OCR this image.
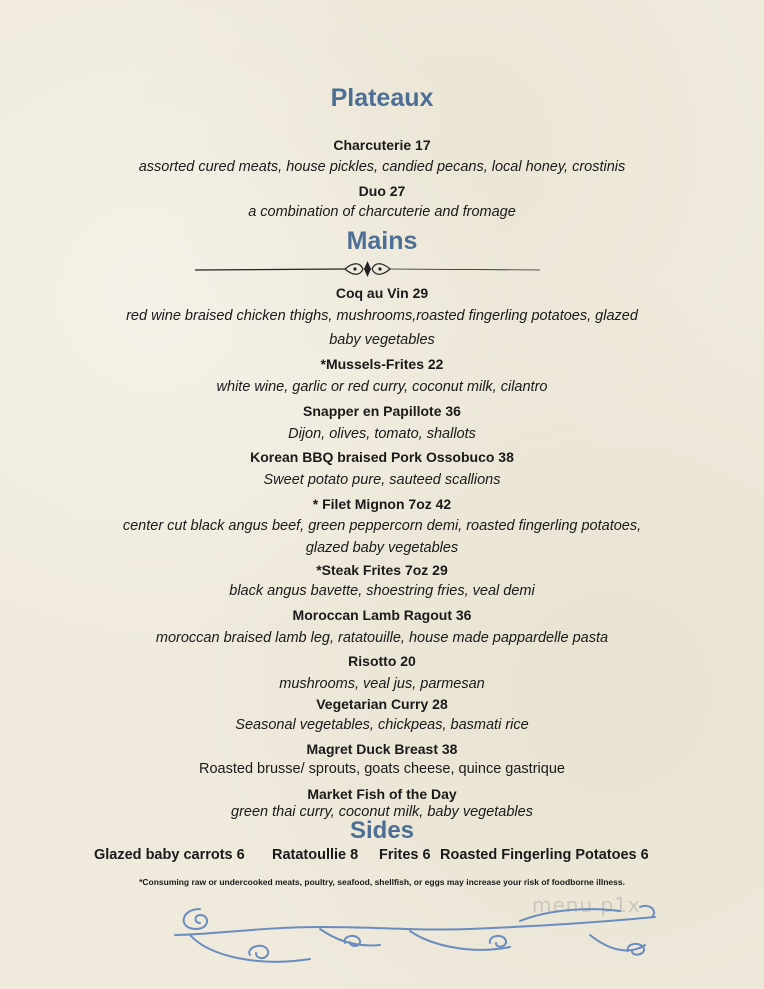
Plateaux
Charcuterie 17
assorted cured meats, house pickles, candied pecans, local honey, crostinis
Duo 27
a combination of charcuterie and fromage
Mains
Coq au Vin 29
red wine braised chicken thighs, mushrooms,roasted fingerling potatoes, glazed
baby vegetables
*Mussels-Frites 22
white wine, garlic or red curry, coconut milk, cilantro
Snapper en Papillote 36
Dijon, olives, tomato, shallots
Korean BBQ braised Pork Ossobuco 38
Sweet potato pure, sauteed scallions
* Filet Mignon 7oz 42
center cut black angus beef, green peppercorn demi, roasted fingerling potatoes,
glazed baby vegetables
*Steak Frites 7oz 29
black angus bavette, shoestring fries, veal demi
Moroccan Lamb Ragout 36
moroccan braised lamb leg, ratatouille, house made pappardelle pasta
Risotto 20
mushrooms, veal jus, parmesan
Vegetarian Curry 28
Seasonal vegetables, chickpeas, basmati rice
Magret Duck Breast 38
Roasted brusse/ sprouts, goats cheese, quince gastrique
Market Fish of the Day
green thai curry, coconut milk, baby vegetables
Sides
Glazed baby carrots 6 Ratatoullie 8 Frites 6 Roasted Fingerling Potatoes 6
*Consuming raw or undercooked meats, poultry, seafood, shellfish, or eggs may increase your risk of foodborne illness.
menu p1x
